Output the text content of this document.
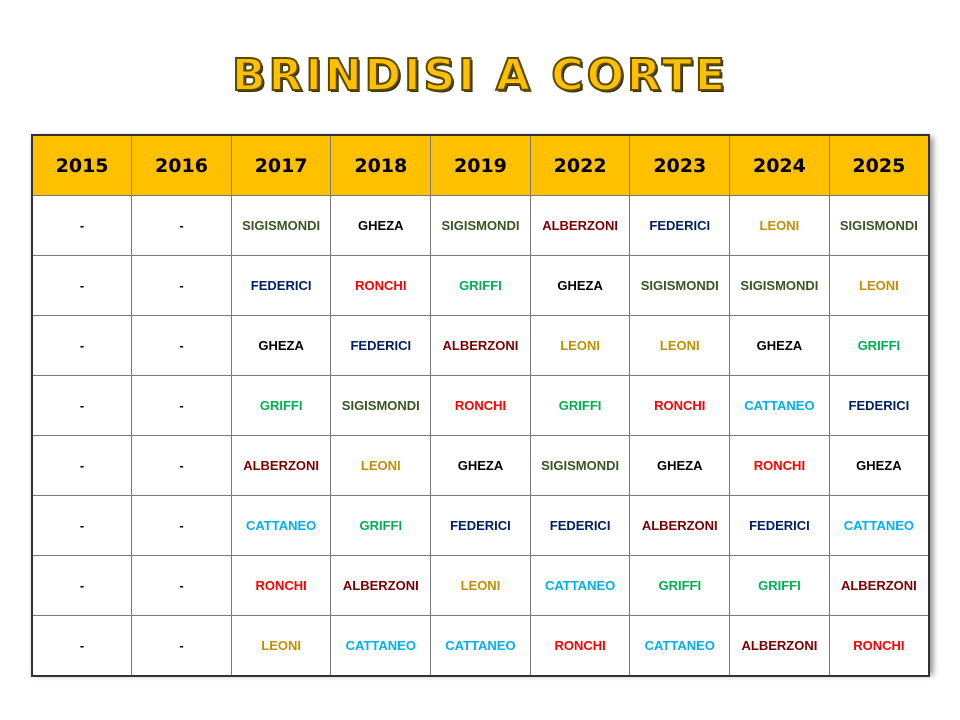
BRINDISI A CORTE
2015	2016	2017	2018	2019	2022	2023	2024	2025
-	-	SIGISMONDI	GHEZA	SIGISMONDI	ALBERZONI	FEDERICI	LEONI	SIGISMONDI
-	-	FEDERICI	RONCHI	GRIFFI	GHEZA	SIGISMONDI	SIGISMONDI	LEONI
-	-	GHEZA	FEDERICI	ALBERZONI	LEONI	LEONI	GHEZA	GRIFFI
-	-	GRIFFI	SIGISMONDI	RONCHI	GRIFFI	RONCHI	CATTANEO	FEDERICI
-	-	ALBERZONI	LEONI	GHEZA	SIGISMONDI	GHEZA	RONCHI	GHEZA
-	-	CATTANEO	GRIFFI	FEDERICI	FEDERICI	ALBERZONI	FEDERICI	CATTANEO
-	-	RONCHI	ALBERZONI	LEONI	CATTANEO	GRIFFI	GRIFFI	ALBERZONI
-	-	LEONI	CATTANEO	CATTANEO	RONCHI	CATTANEO	ALBERZONI	RONCHI
